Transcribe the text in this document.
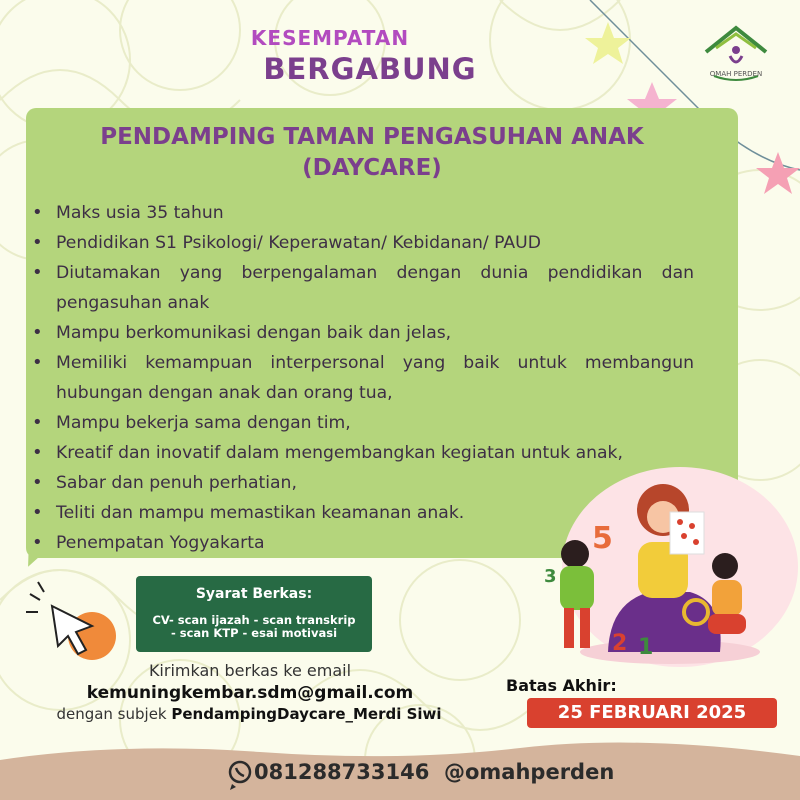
OMAH PERDEN
KESEMPATAN
BERGABUNG
PENDAMPING TAMAN PENGASUHAN ANAK
(DAYCARE)
• Maks usia 35 tahun
• Pendidikan S1 Psikologi/ Keperawatan/ Kebidanan/ PAUD
• Diutamakan yang berpengalaman dengan dunia pendidikan dan pengasuhan anak
• Mampu berkomunikasi dengan baik dan jelas,
• Memiliki kemampuan interpersonal yang baik untuk membangun hubungan dengan anak dan orang tua,
• Mampu bekerja sama dengan tim,
• Kreatif dan inovatif dalam mengembangkan kegiatan untuk anak,
• Sabar dan penuh perhatian,
• Teliti dan mampu memastikan keamanan anak.
• Penempatan Yogyakarta	5
2 1
3
Syarat Berkas:
CV- scan ijazah - scan transkrip
- scan KTP - esai motivasi
Kirimkan berkas ke email
kemuningkembar.sdm@gmail.com
dengan subjek PendampingDaycare_Merdi Siwi
Batas Akhir:
25 FEBRUARI 2025
081288733146 @omahperden
